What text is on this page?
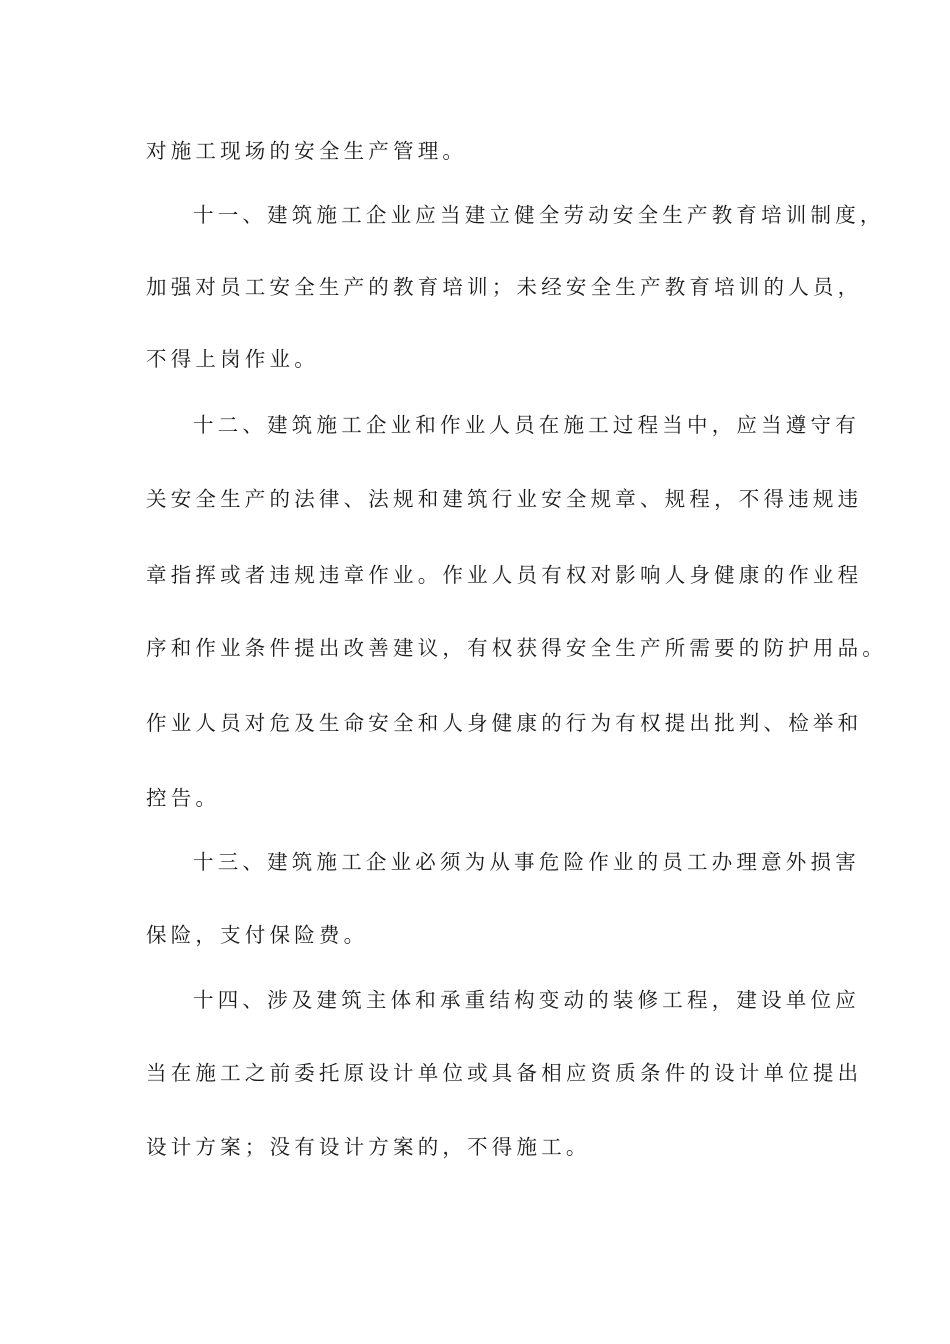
对施工现场的安全生产管理。
十一、建筑施工企业应当建立健全劳动安全生产教育培训制度，
加强对员工安全生产的教育培训；未经安全生产教育培训的人员，
不得上岗作业。
十二、建筑施工企业和作业人员在施工过程当中，应当遵守有
关安全生产的法律、法规和建筑行业安全规章、规程，不得违规违
章指挥或者违规违章作业。作业人员有权对影响人身健康的作业程
序和作业条件提出改善建议，有权获得安全生产所需要的防护用品。
作业人员对危及生命安全和人身健康的行为有权提出批判、检举和
控告。
十三、建筑施工企业必须为从事危险作业的员工办理意外损害
保险，支付保险费。
十四、涉及建筑主体和承重结构变动的装修工程，建设单位应
当在施工之前委托原设计单位或具备相应资质条件的设计单位提出
设计方案；没有设计方案的，不得施工。
